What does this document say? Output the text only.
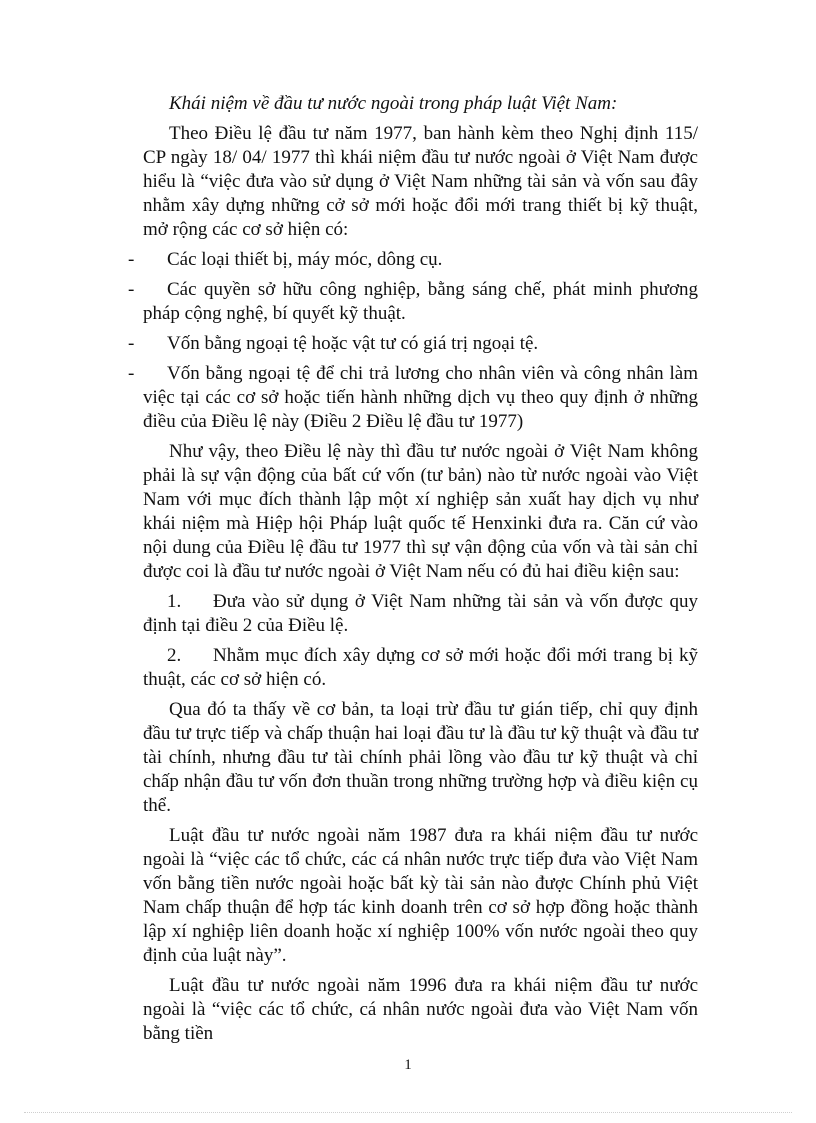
Khái niệm về đầu tư nước ngoài trong pháp luật Việt Nam:

Theo Điều lệ đầu tư năm 1977, ban hành kèm theo Nghị định 115/ CP ngày 18/ 04/ 1977 thì khái niệm đầu tư nước ngoài ở Việt Nam được hiểu là “việc đưa vào sử dụng ở Việt Nam những tài sản và vốn sau đây nhằm xây dựng những cở sở mới hoặc đổi mới trang thiết bị kỹ thuật, mở rộng các cơ sở hiện có:

- Các loại thiết bị, máy móc, dông cụ.

- Các quyền sở hữu công nghiệp, bằng sáng chế, phát minh phương pháp cộng nghệ, bí quyết kỹ thuật.

- Vốn bằng ngoại tệ hoặc vật tư có giá trị ngoại tệ.

- Vốn bằng ngoại tệ để chi trả lương cho nhân viên và công nhân làm việc tại các cơ sở hoặc tiến hành những dịch vụ theo quy định ở những điều của Điều lệ này (Điều 2 Điều lệ đầu tư 1977)

Như vậy, theo Điều lệ này thì đầu tư nước ngoài ở Việt Nam không phải là sự vận động của bất cứ vốn (tư bản) nào từ nước ngoài vào Việt Nam với mục đích thành lập một xí nghiệp sản xuất hay dịch vụ như khái niệm mà Hiệp hội Pháp luật quốc tế Henxinki đưa ra. Căn cứ vào nội dung của Điều lệ đầu tư 1977 thì sự vận động của vốn và tài sản chỉ được coi là đầu tư nước ngoài ở Việt Nam nếu có đủ hai điều kiện sau:

1. Đưa vào sử dụng ở Việt Nam những tài sản và vốn được quy định tại điều 2 của Điều lệ.

2. Nhằm mục đích xây dựng cơ sở mới hoặc đổi mới trang bị kỹ thuật, các cơ sở hiện có.

Qua đó ta thấy về cơ bản, ta loại trừ đầu tư gián tiếp, chỉ quy định đầu tư trực tiếp và chấp thuận hai loại đầu tư là đầu tư kỹ thuật và đầu tư tài chính, nhưng đầu tư tài chính phải lồng vào đầu tư kỹ thuật và chỉ chấp nhận đầu tư vốn đơn thuần trong những trường hợp và điều kiện cụ thể.

Luật đầu tư nước ngoài năm 1987 đưa ra khái niệm đầu tư nước ngoài là “việc các tổ chức, các cá nhân nước trực tiếp đưa vào Việt Nam vốn bằng tiền nước ngoài hoặc bất kỳ tài sản nào được Chính phủ Việt Nam chấp thuận để hợp tác kinh doanh trên cơ sở hợp đồng hoặc thành lập xí nghiệp liên doanh hoặc xí nghiệp 100% vốn nước ngoài theo quy định của luật này”.

Luật đầu tư nước ngoài năm 1996 đưa ra khái niệm đầu tư nước ngoài là “việc các tổ chức, cá nhân nước ngoài đưa vào Việt Nam vốn bằng tiền

1
